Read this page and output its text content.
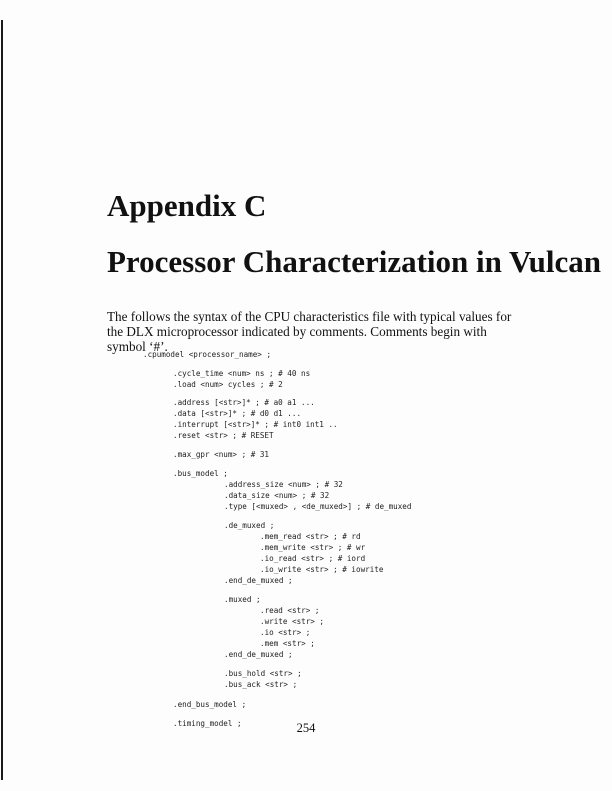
Appendix C
Processor Characterization in Vulcan

The follows the syntax of the CPU characteristics file with typical values for the DLX microprocessor indicated by comments. Comments begin with symbol ‘#’.

.cpumodel <processor_name> ;
.cycle_time <num> ns ; # 40 ns
.load <num> cycles ; # 2
.address [<str>]* ; # a0 a1 ...
.data [<str>]* ; # d0 d1 ...
.interrupt [<str>]* ; # int0 int1 ..
.reset <str> ; # RESET
.max_gpr <num> ; # 31
.bus_model ;
.address_size <num> ; # 32
.data_size <num> ; # 32
.type [<muxed> , <de_muxed>] ; # de_muxed
.de_muxed ;
.mem_read <str> ; # rd
.mem_write <str> ; # wr
.io_read <str> ; # iord
.io_write <str> ; # iowrite
.end_de_muxed ;
.muxed ;
.read <str> ;
.write <str> ;
.io <str> ;
.mem <str> ;
.end_de_muxed ;
.bus_hold <str> ;
.bus_ack <str> ;
.end_bus_model ;
.timing_model ;	254
